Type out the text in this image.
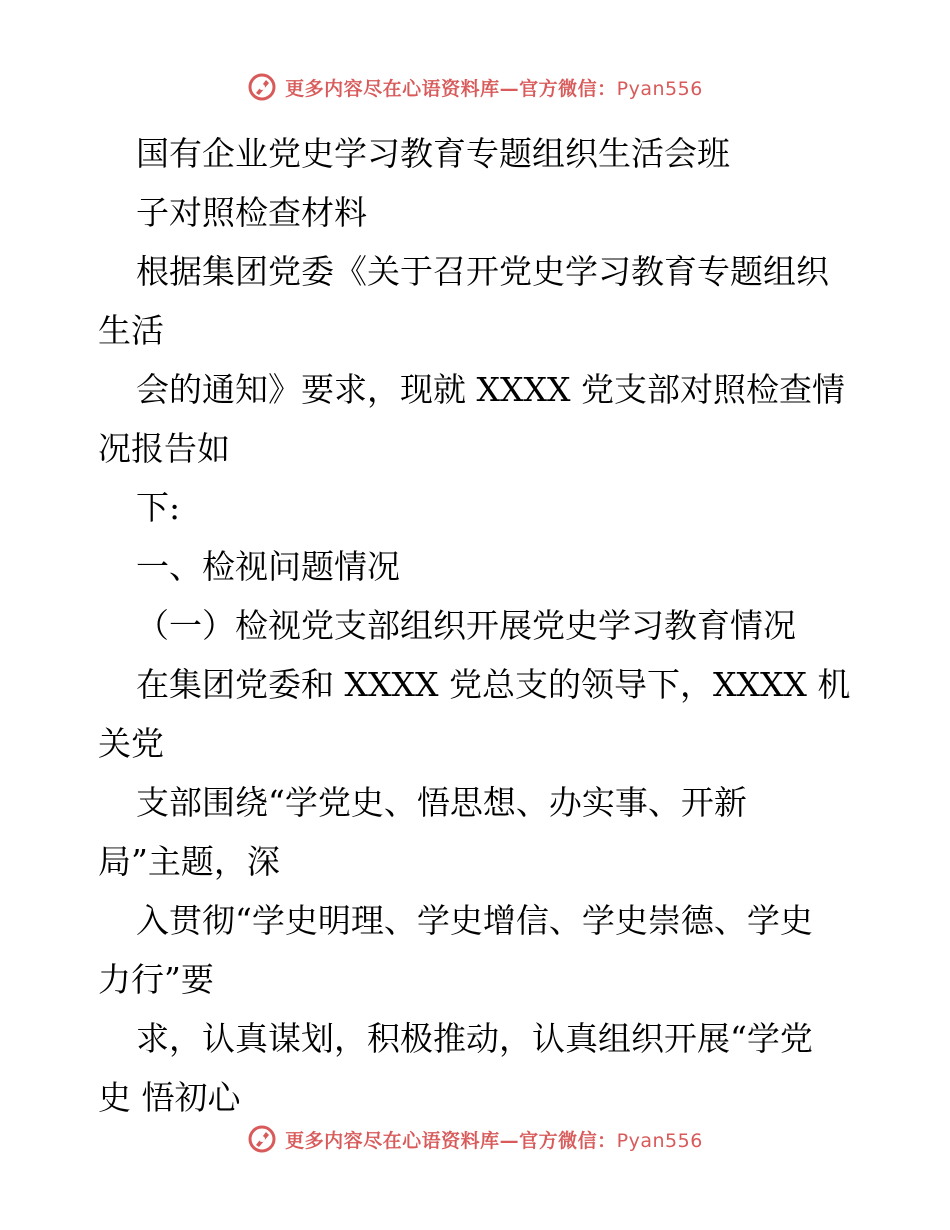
更多内容尽在心语资料库—官方微信：Pyan556
国有企业党史学习教育专题组织生活会班
子对照检查材料
根据集团党委《关于召开党史学习教育专题组织
生活
会的通知》要求，现就 XXXX 党支部对照检查情
况报告如
下:
一、检视问题情况
（一）检视党支部组织开展党史学习教育情况
在集团党委和 XXXX 党总支的领导下，XXXX 机
关党
支部围绕“学党史、悟思想、办实事、开新
局”主题，深
入贯彻“学史明理、学史增信、学史崇德、学史
力行”要
求，认真谋划，积极推动，认真组织开展“学党
史 悟初心
更多内容尽在心语资料库—官方微信：Pyan556
